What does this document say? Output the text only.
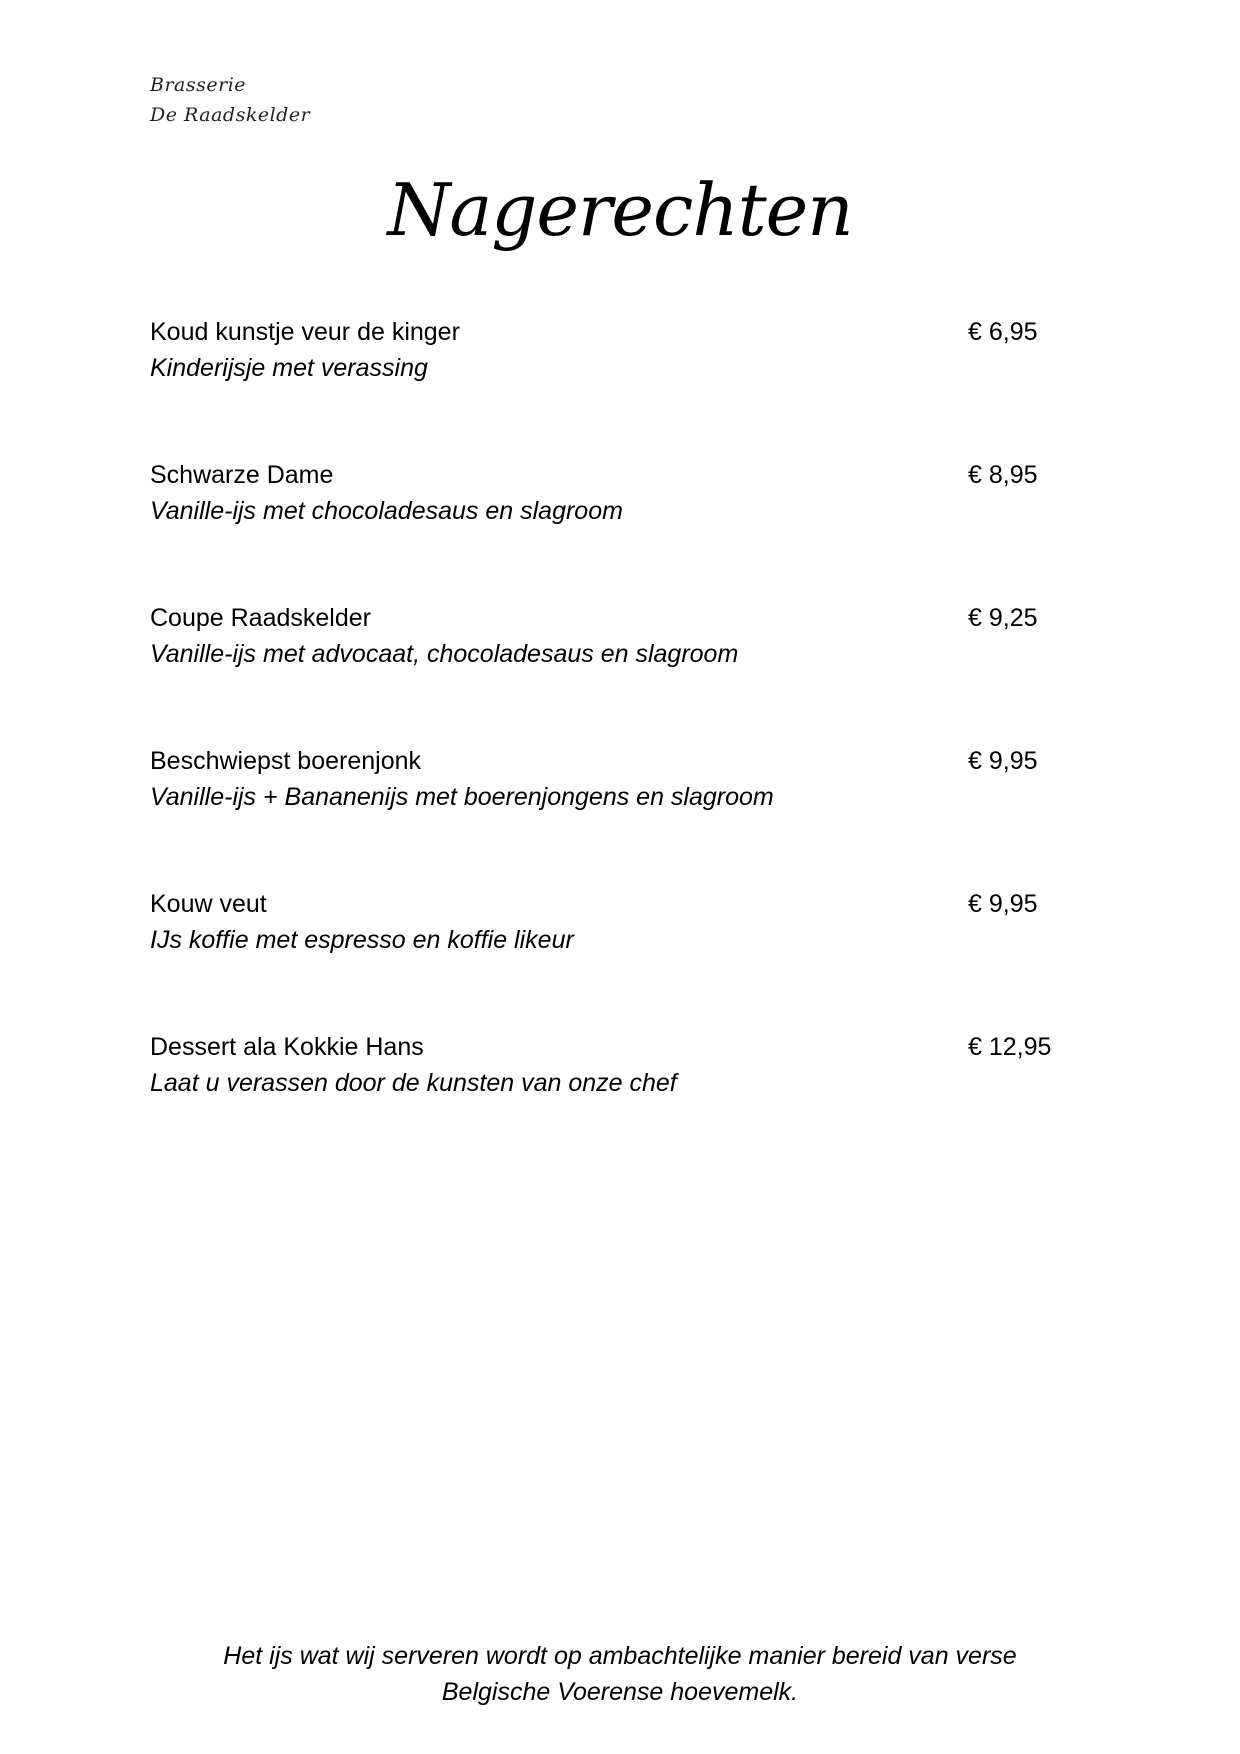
Brasserie
De Raadskelder
Nagerechten
Koud kunstje veur de kinger
Kinderijsje met verassing
€ 6,95
Schwarze Dame
Vanille-ijs met chocoladesaus en slagroom
€ 8,95
Coupe Raadskelder
Vanille-ijs met advocaat, chocoladesaus en slagroom
€ 9,25
Beschwiepst boerenjonk
Vanille-ijs + Bananenijs met boerenjongens en slagroom
€ 9,95
Kouw veut
IJs koffie met espresso en koffie likeur
€ 9,95
Dessert ala Kokkie Hans
Laat u verassen door de kunsten van onze chef
€ 12,95
Het ijs wat wij serveren wordt op ambachtelijke manier bereid van verse
Belgische Voerense hoevemelk.
